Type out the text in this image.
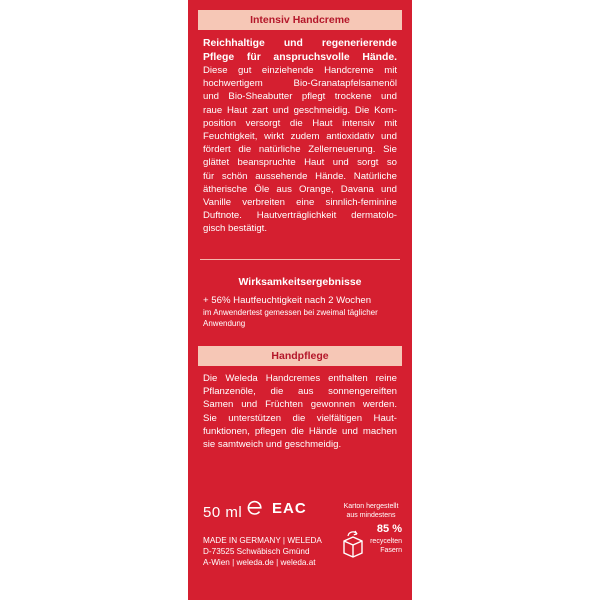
Intensiv Handcreme
Reichhaltige und regenerierende
Pflege für anspruchsvolle Hände.
Diese gut einziehende Handcreme mit
hochwertigem Bio-Granatapfelsamenöl
und Bio-Sheabutter pflegt trockene und
raue Haut zart und geschmeidig. Die Kom-
position versorgt die Haut intensiv mit
Feuchtigkeit, wirkt zudem antioxidativ und
fördert die natürliche Zellerneuerung. Sie
glättet beanspruchte Haut und sorgt so
für schön aussehende Hände. Natürliche
ätherische Öle aus Orange, Davana und
Vanille verbreiten eine sinnlich-feminine
Duftnote. Hautverträglichkeit dermatolo-
gisch bestätigt.
Wirksamkeitsergebnisse
+ 56% Hautfeuchtigkeit nach 2 Wochen
im Anwendertest gemessen bei zweimal täglicher
Anwendung
Handpflege
Die Weleda Handcremes enthalten reine
Pflanzenöle, die aus sonnengereiften
Samen und Früchten gewonnen werden.
Sie unterstützen die vielfältigen Haut-
funktionen, pflegen die Hände und machen
sie samtweich und geschmeidig.
50 ml EAC	Karton hergestellt
aus mindestens
85 %
recycelten
Fasern
MADE IN GERMANY | WELEDA
D-73525 Schwäbisch Gmünd
A-Wien | weleda.de | weleda.at
